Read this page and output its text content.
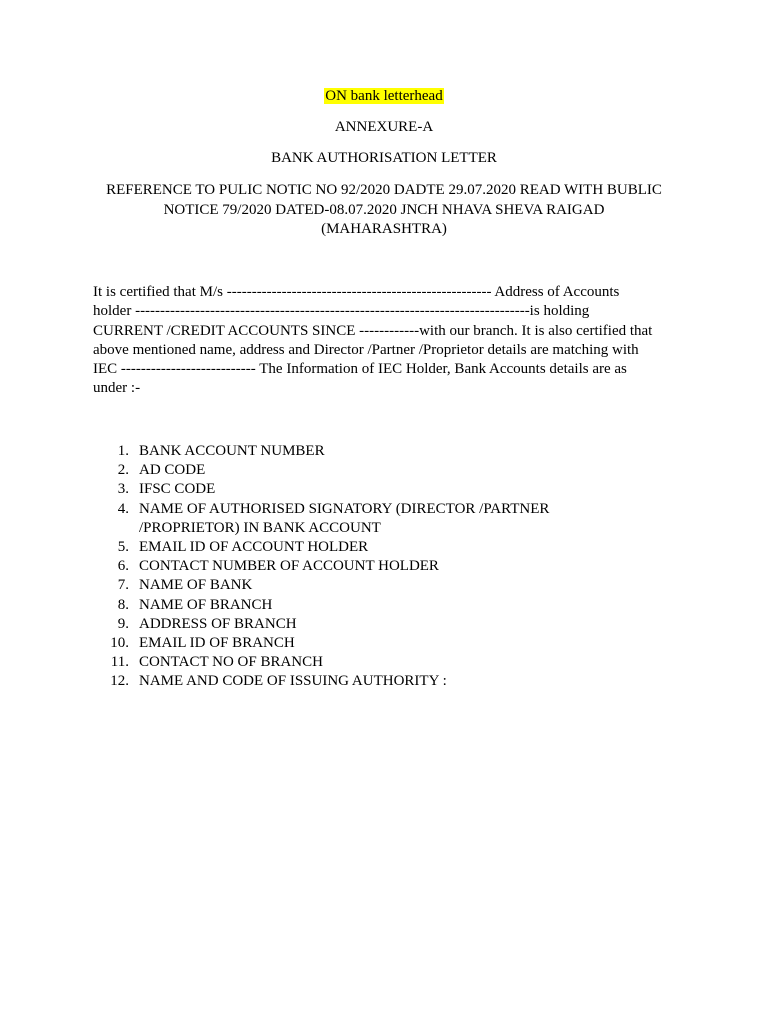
ON bank letterhead
ANNEXURE-A
BANK AUTHORISATION LETTER
REFERENCE TO PULIC NOTIC NO 92/2020 DADTE 29.07.2020 READ WITH BUBLIC
NOTICE 79/2020 DATED-08.07.2020 JNCH NHAVA SHEVA RAIGAD
(MAHARASHTRA)
It is certified that M/s ----------------------------------------------------- Address of Accounts
holder -------------------------------------------------------------------------------is holding
CURRENT /CREDIT ACCOUNTS SINCE ------------with our branch. It is also certified that
above mentioned name, address and Director /Partner /Proprietor details are matching with
IEC --------------------------- The Information of IEC Holder, Bank Accounts details are as
under :-
1. BANK ACCOUNT NUMBER
2. AD CODE
3. IFSC CODE
4. NAME OF AUTHORISED SIGNATORY (DIRECTOR /PARTNER /PROPRIETOR) IN BANK ACCOUNT
5. EMAIL ID OF ACCOUNT HOLDER
6. CONTACT NUMBER OF ACCOUNT HOLDER
7. NAME OF BANK
8. NAME OF BRANCH
9. ADDRESS OF BRANCH
10. EMAIL ID OF BRANCH
11. CONTACT NO OF BRANCH
12. NAME AND CODE OF ISSUING AUTHORITY :
